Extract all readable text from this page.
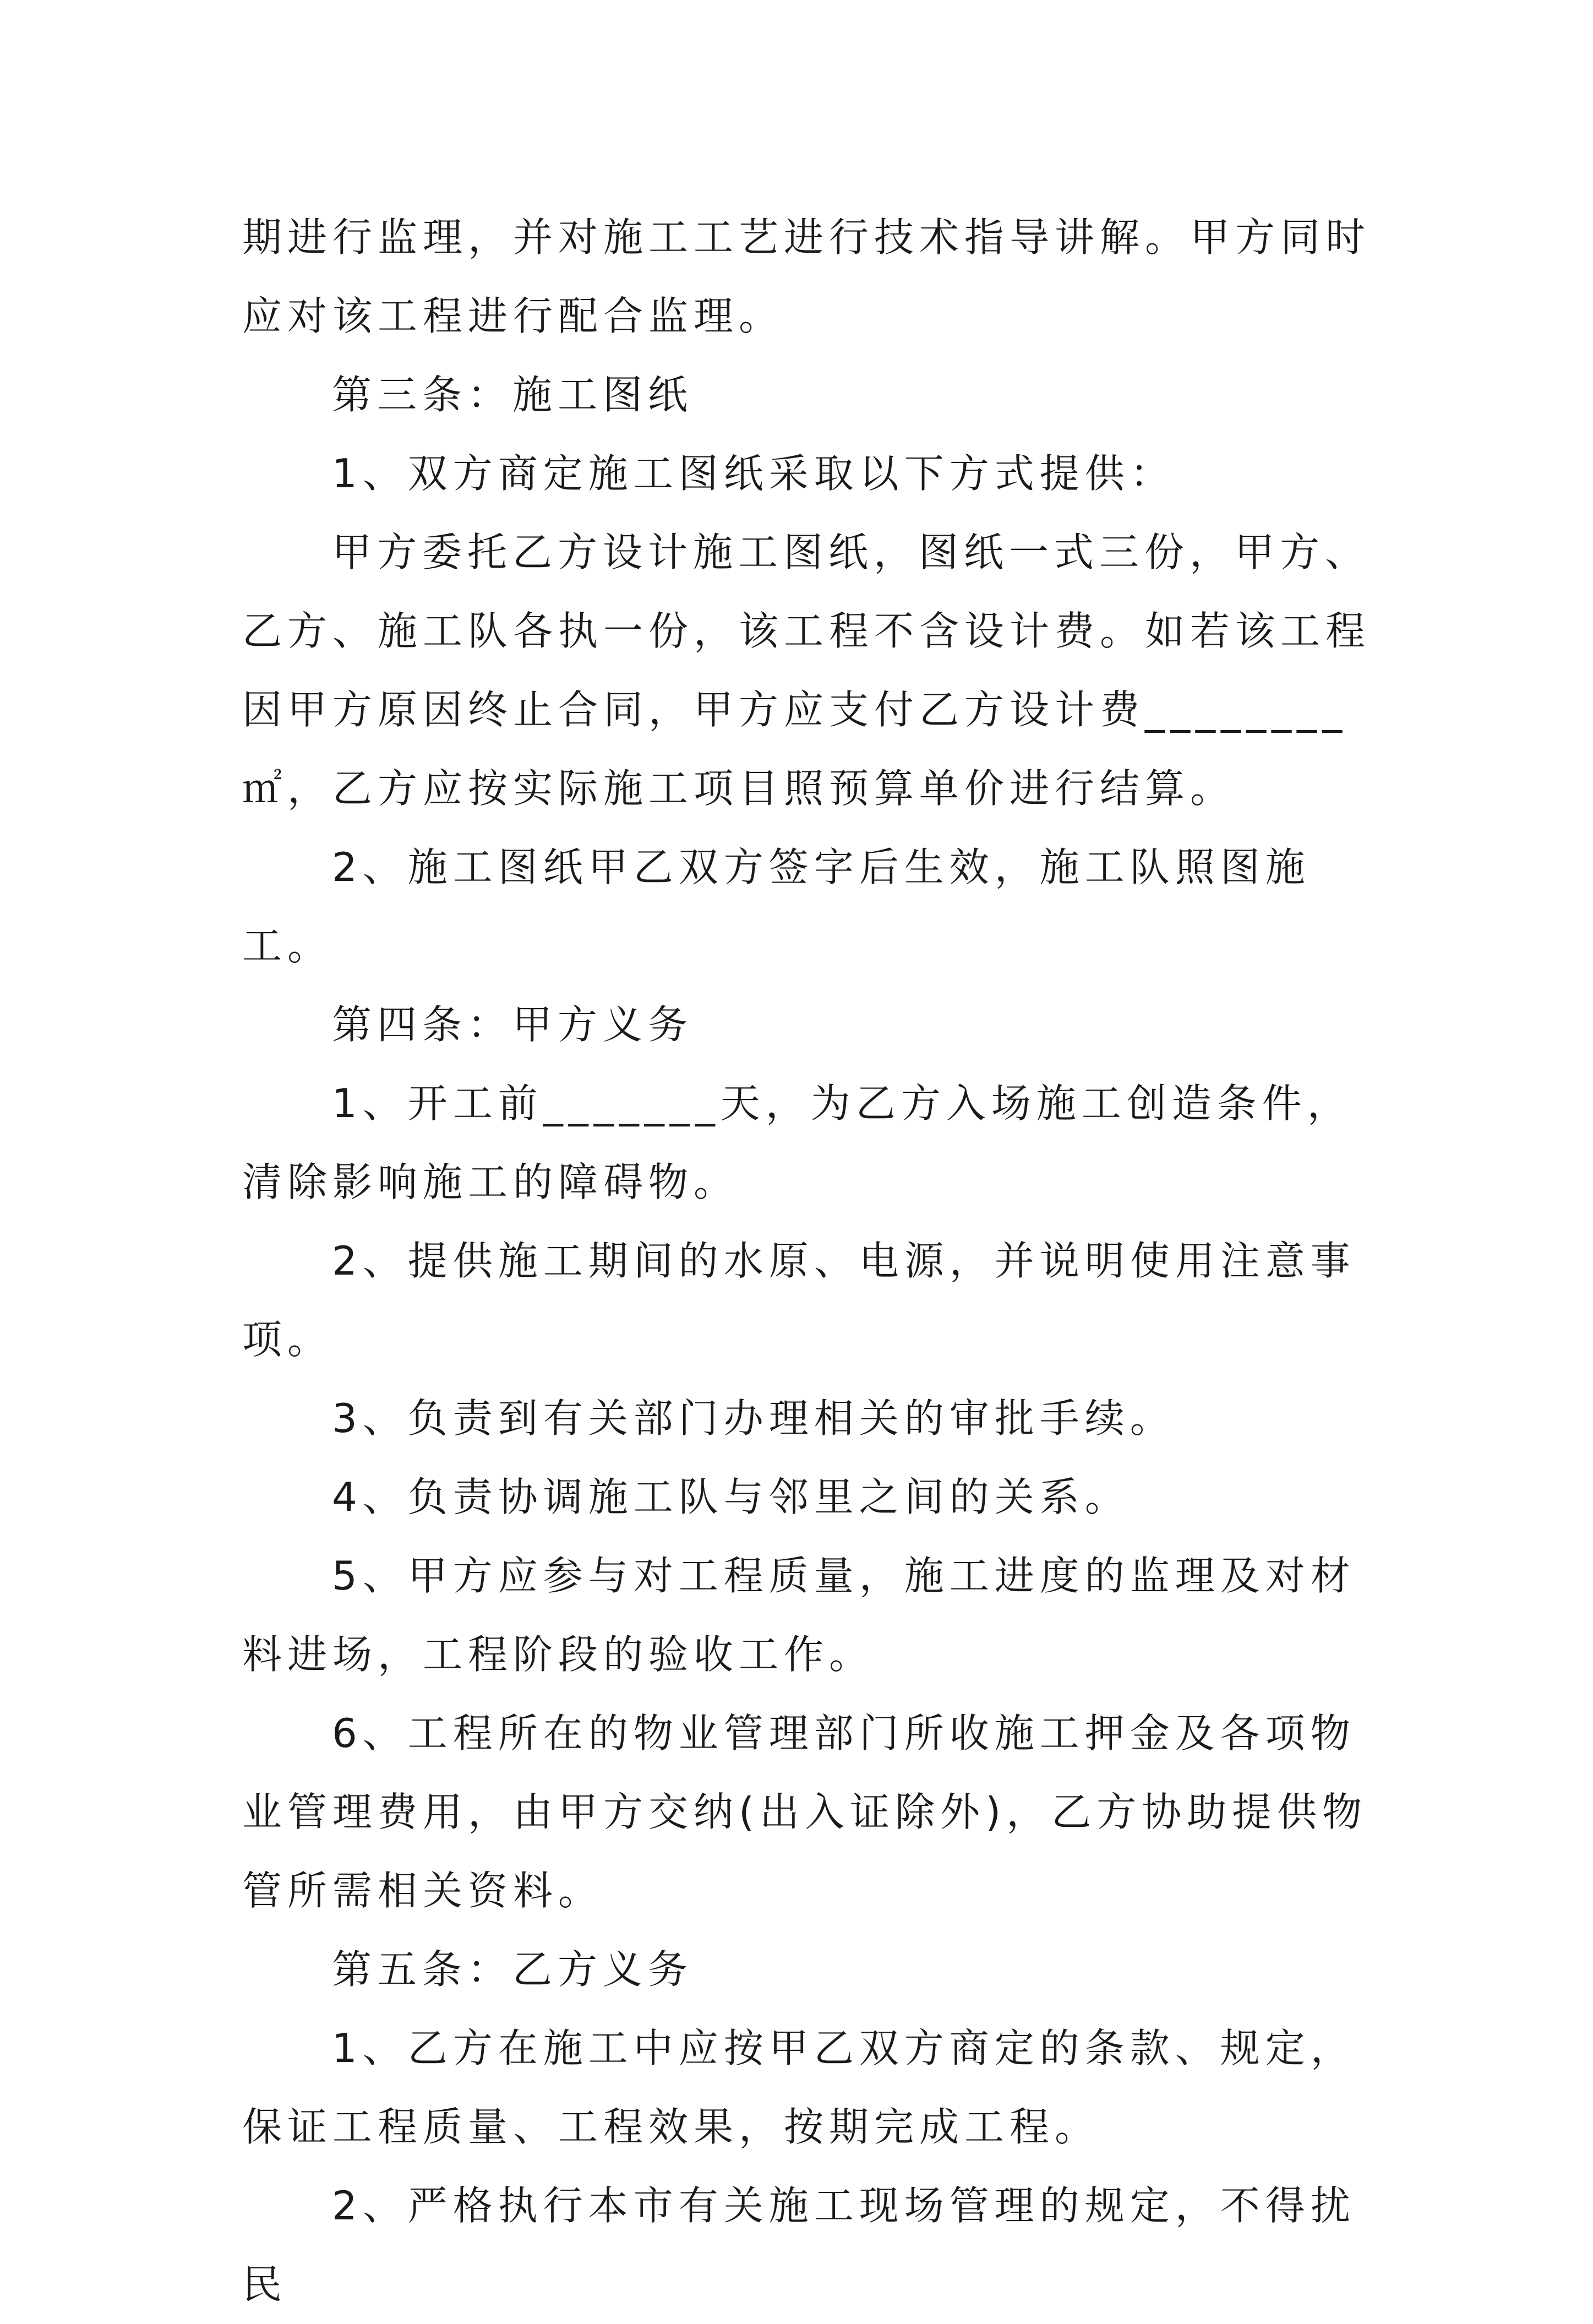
期进行监理，并对施工工艺进行技术指导讲解。甲方同时应对该工程进行配合监理。

第三条：施工图纸

1、双方商定施工图纸采取以下方式提供：

甲方委托乙方设计施工图纸，图纸一式三份，甲方、乙方、施工队各执一份，该工程不含设计费。如若该工程因甲方原因终止合同，甲方应支付乙方设计费________㎡，乙方应按实际施工项目照预算单价进行结算。

2、施工图纸甲乙双方签字后生效，施工队照图施工。

第四条：甲方义务

1、开工前_______天，为乙方入场施工创造条件，清除影响施工的障碍物。

2、提供施工期间的水原、电源，并说明使用注意事项。

3、负责到有关部门办理相关的审批手续。

4、负责协调施工队与邻里之间的关系。

5、甲方应参与对工程质量，施工进度的监理及对材料进场，工程阶段的验收工作。

6、工程所在的物业管理部门所收施工押金及各项物业管理费用，由甲方交纳(出入证除外)，乙方协助提供物管所需相关资料。

第五条：乙方义务

1、乙方在施工中应按甲乙双方商定的条款、规定，保证工程质量、工程效果，按期完成工程。

2、严格执行本市有关施工现场管理的规定，不得扰民
